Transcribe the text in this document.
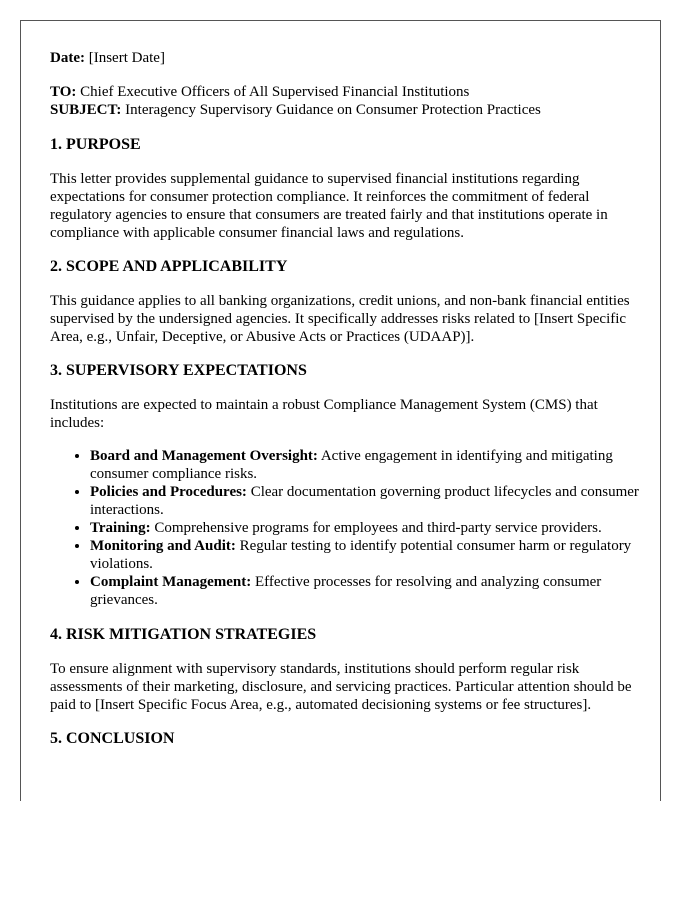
Date: [Insert Date]

TO: Chief Executive Officers of All Supervised Financial Institutions

SUBJECT: Interagency Supervisory Guidance on Consumer Protection Practices

1. PURPOSE

This letter provides supplemental guidance to supervised financial institutions regarding expectations for consumer protection compliance. It reinforces the commitment of federal regulatory agencies to ensure that consumers are treated fairly and that institutions operate in compliance with applicable consumer financial laws and regulations.

2. SCOPE AND APPLICABILITY

This guidance applies to all banking organizations, credit unions, and non-bank financial entities supervised by the undersigned agencies. It specifically addresses risks related to [Insert Specific Area, e.g., Unfair, Deceptive, or Abusive Acts or Practices (UDAAP)].

3. SUPERVISORY EXPECTATIONS

Institutions are expected to maintain a robust Compliance Management System (CMS) that includes:

• Board and Management Oversight: Active engagement in identifying and mitigating consumer compliance risks.
• Policies and Procedures: Clear documentation governing product lifecycles and consumer interactions.
• Training: Comprehensive programs for employees and third-party service providers.
• Monitoring and Audit: Regular testing to identify potential consumer harm or regulatory violations.
• Complaint Management: Effective processes for resolving and analyzing consumer grievances.
4. RISK MITIGATION STRATEGIES

To ensure alignment with supervisory standards, institutions should perform regular risk assessments of their marketing, disclosure, and servicing practices. Particular attention should be paid to [Insert Specific Focus Area, e.g., automated decisioning systems or fee structures].

5. CONCLUSION
